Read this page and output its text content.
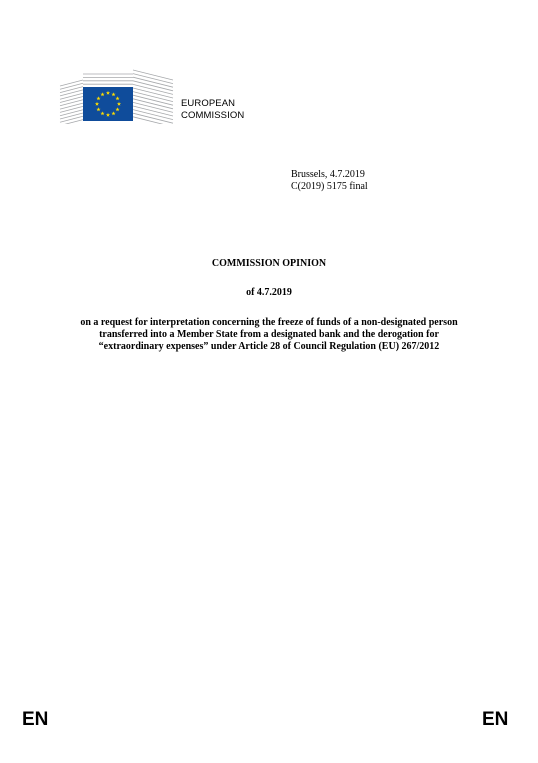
EUROPEAN
COMMISSION
Brussels, 4.7.2019
C(2019) 5175 final
COMMISSION OPINION
of 4.7.2019
on a request for interpretation concerning the freeze of funds of a non-designated person
transferred into a Member State from a designated bank and the derogation for
“extraordinary expenses” under Article 28 of Council Regulation (EU) 267/2012
EN	EN
